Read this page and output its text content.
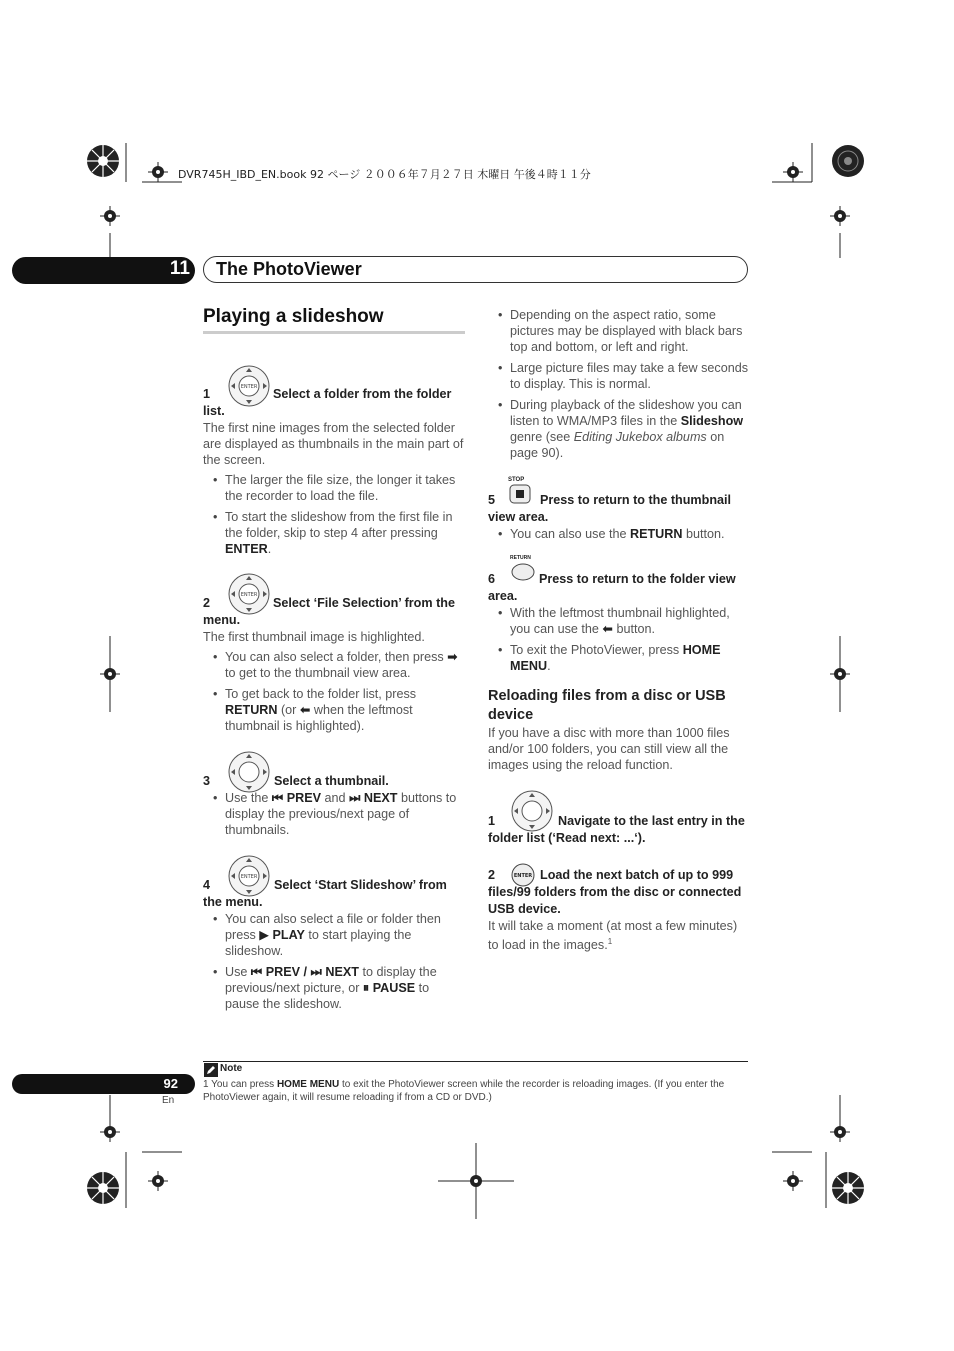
DVR745H_IBD_EN.book 92 ページ ２００６年７月２７日 木曜日 午後４時１１分
11 The PhotoViewer
Playing a slideshow
ENTER
ENTER
ENTER
1	Select a folder from the folder list.

The first nine images from the selected folder are displayed as thumbnails in the main part of the screen.

• The larger the file size, the longer it takes the recorder to load the file.
• To start the slideshow from the first file in the folder, skip to step 4 after pressing ENTER.
2	Select ‘File Selection’ from the menu.

The first thumbnail image is highlighted.

• You can also select a folder, then press ➡ to get to the thumbnail view area.
• To get back to the folder list, press RETURN (or ⬅ when the leftmost thumbnail is highlighted).
3	Select a thumbnail.
• Use the ⏮ PREV and ⏭ NEXT buttons to display the previous/next page of thumbnails.
4	Select ‘Start Slideshow’ from the menu.
• You can also select a file or folder then press ▶ PLAY to start playing the slideshow.
• Use ⏮ PREV / ⏭ NEXT to display the previous/next picture, or ⏸ PAUSE to pause the slideshow.
• Depending on the aspect ratio, some pictures may be displayed with black bars top and bottom, or left and right.
• Large picture files may take a few seconds to display. This is normal.
• During playback of the slideshow you can listen to WMA/MP3 files in the Slideshow genre (see Editing Jukebox albums on page 90).
STOP
5	Press to return to the thumbnail view area.
• You can also use the RETURN button.
RETURN
6	Press to return to the folder view area.
• With the leftmost thumbnail highlighted, you can use the ⬅ button.
• To exit the PhotoViewer, press HOME MENU.
Reloading files from a disc or USB device

If you have a disc with more than 1000 files and/or 100 folders, you can still view all the images using the reload function.

1	Navigate to the last entry in the folder list (‘Read next: ...‘).
ENTER
2	Load the next batch of up to 999 files/99 folders from the disc or connected USB device.

It will take a moment (at most a few minutes) to load in the images.$^1$

Note
1 You can press HOME MENU to exit the PhotoViewer screen while the recorder is reloading images. (If you enter the PhotoViewer again, it will resume reloading if from a CD or DVD.)
92
En
